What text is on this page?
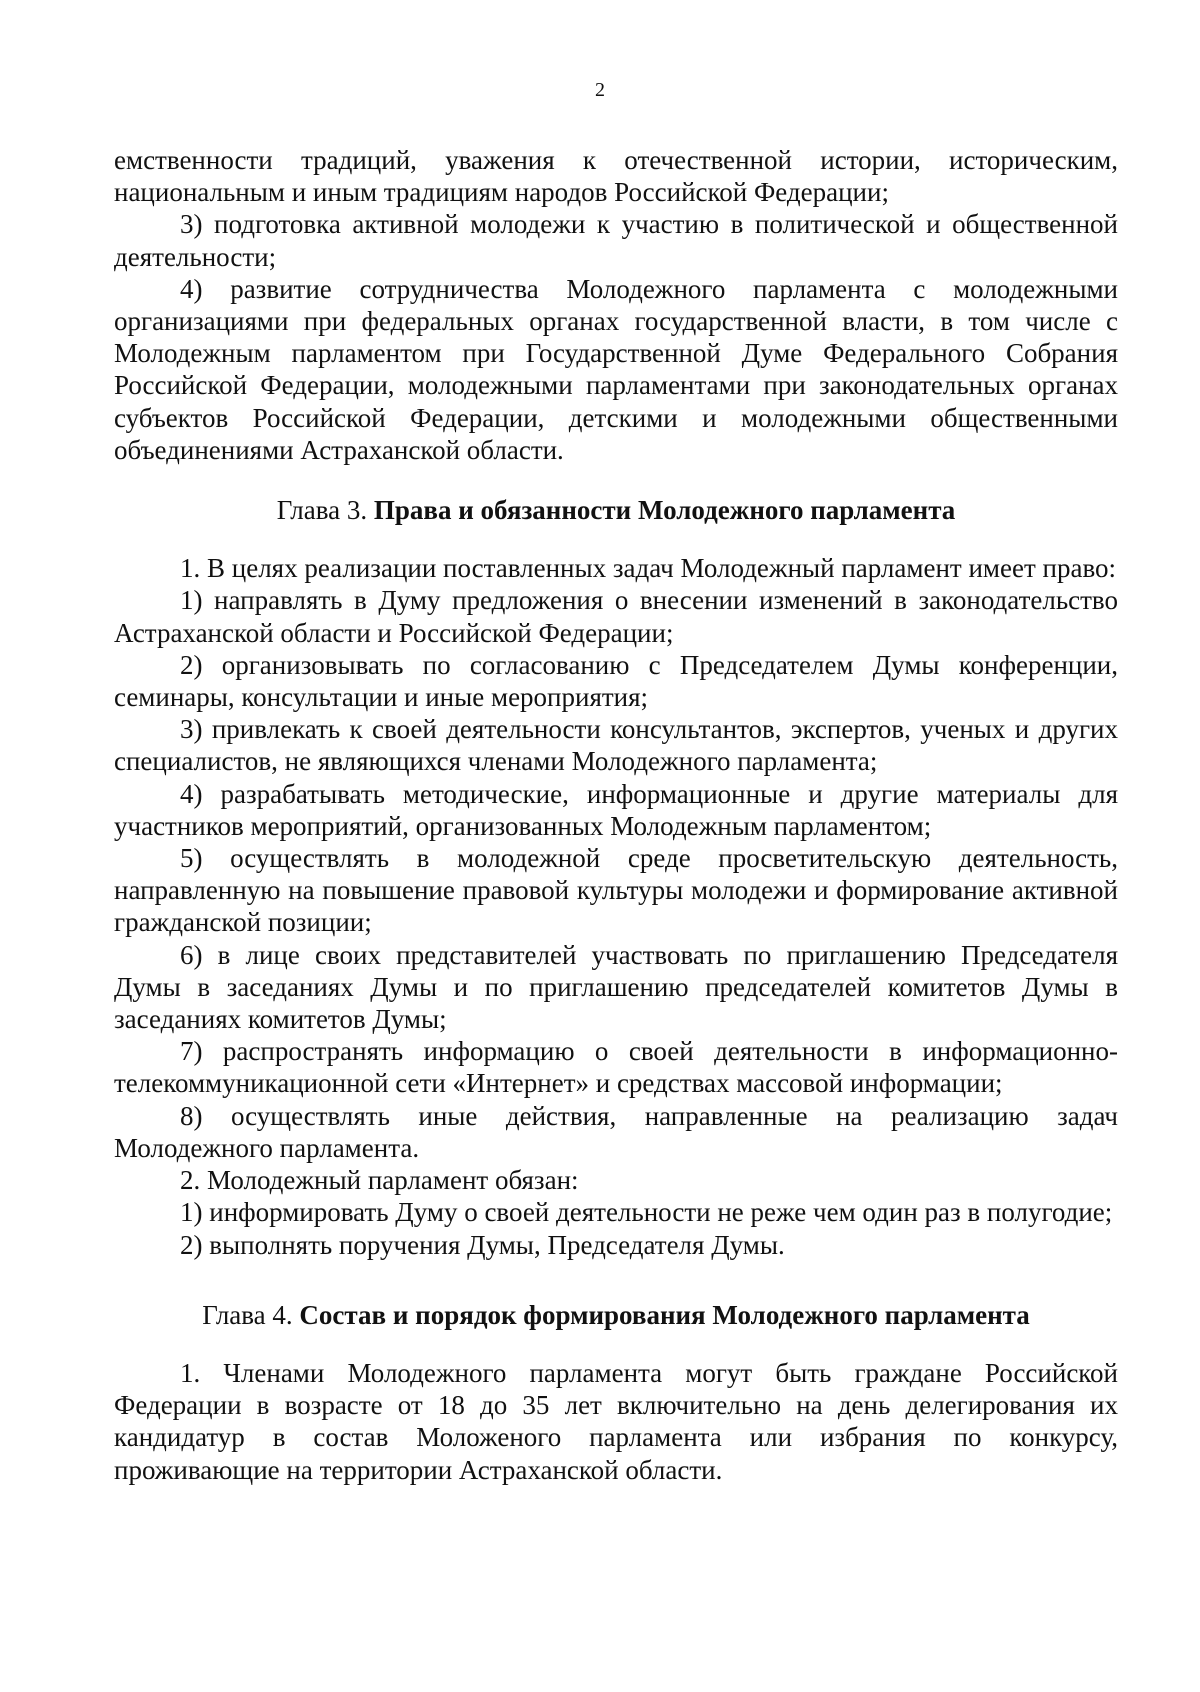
2

емственности традиций, уважения к отечественной истории, историческим, национальным и иным традициям народов Российской Федерации;

3) подготовка активной молодежи к участию в политической и общественной деятельности;

4) развитие сотрудничества Молодежного парламента с молодежными организациями при федеральных органах государственной власти, в том числе с Молодежным парламентом при Государственной Думе Федерального Собрания Российской Федерации, молодежными парламентами при законодательных органах субъектов Российской Федерации, детскими и молодежными общественными объединениями Астраханской области.

Глава 3. Права и обязанности Молодежного парламента

1. В целях реализации поставленных задач Молодежный парламент имеет право:

1) направлять в Думу предложения о внесении изменений в законодательство Астраханской области и Российской Федерации;

2) организовывать по согласованию с Председателем Думы конференции, семинары, консультации и иные мероприятия;

3) привлекать к своей деятельности консультантов, экспертов, ученых и других специалистов, не являющихся членами Молодежного парламента;

4) разрабатывать методические, информационные и другие материалы для участников мероприятий, организованных Молодежным парламентом;

5) осуществлять в молодежной среде просветительскую деятельность, направленную на повышение правовой культуры молодежи и формирование активной гражданской позиции;

6) в лице своих представителей участвовать по приглашению Председателя Думы в заседаниях Думы и по приглашению председателей комитетов Думы в заседаниях комитетов Думы;

7) распространять информацию о своей деятельности в информационно-телекоммуникационной сети «Интернет» и средствах массовой информации;

8) осуществлять иные действия, направленные на реализацию задач Молодежного парламента.

2. Молодежный парламент обязан:

1) информировать Думу о своей деятельности не реже чем один раз в полугодие;

2) выполнять поручения Думы, Председателя Думы.

Глава 4. Состав и порядок формирования Молодежного парламента

1. Членами Молодежного парламента могут быть граждане Российской Федерации в возрасте от 18 до 35 лет включительно на день делегирования их кандидатур в состав Моложеного парламента или избрания по конкурсу, проживающие на территории Астраханской области.
